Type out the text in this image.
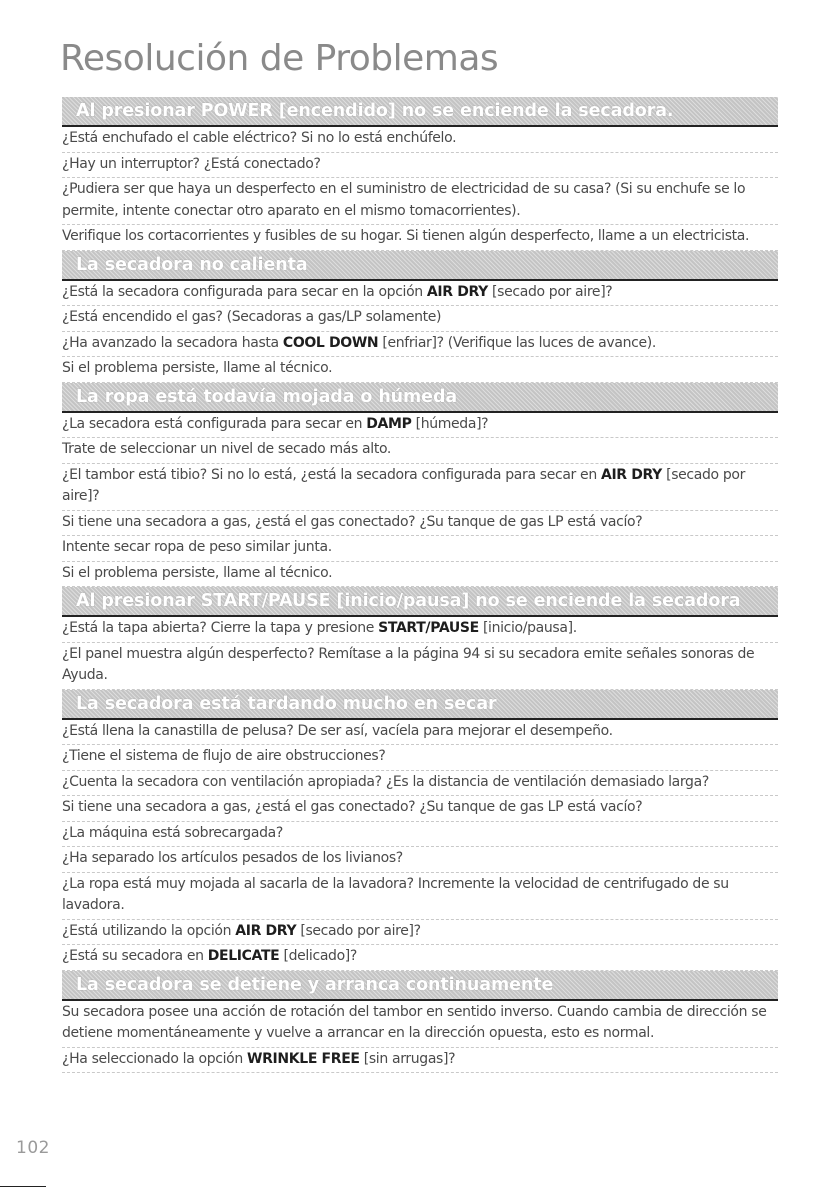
Resolución de Problemas
Al presionar POWER [encendido] no se enciende la secadora.
¿Está enchufado el cable eléctrico? Si no lo está enchúfelo.
¿Hay un interruptor? ¿Está conectado?
¿Pudiera ser que haya un desperfecto en el suministro de electricidad de su casa? (Si su enchufe se lo permite, intente conectar otro aparato en el mismo tomacorrientes).
Verifique los cortacorrientes y fusibles de su hogar. Si tienen algún desperfecto, llame a un electricista.
La secadora no calienta
¿Está la secadora configurada para secar en la opción AIR DRY [secado por aire]?
¿Está encendido el gas? (Secadoras a gas/LP solamente)
¿Ha avanzado la secadora hasta COOL DOWN [enfriar]? (Verifique las luces de avance).
Si el problema persiste, llame al técnico.
La ropa está todavía mojada o húmeda
¿La secadora está configurada para secar en DAMP [húmeda]?
Trate de seleccionar un nivel de secado más alto.
¿El tambor está tibio? Si no lo está, ¿está la secadora configurada para secar en AIR DRY [secado por aire]?
Si tiene una secadora a gas, ¿está el gas conectado? ¿Su tanque de gas LP está vacío?
Intente secar ropa de peso similar junta.
Si el problema persiste, llame al técnico.
Al presionar START/PAUSE [inicio/pausa] no se enciende la secadora
¿Está la tapa abierta? Cierre la tapa y presione START/PAUSE [inicio/pausa].
¿El panel muestra algún desperfecto? Remítase a la página 94 si su secadora emite señales sonoras de Ayuda.
La secadora está tardando mucho en secar
¿Está llena la canastilla de pelusa? De ser así, vacíela para mejorar el desempeño.
¿Tiene el sistema de flujo de aire obstrucciones?
¿Cuenta la secadora con ventilación apropiada? ¿Es la distancia de ventilación demasiado larga?
Si tiene una secadora a gas, ¿está el gas conectado? ¿Su tanque de gas LP está vacío?
¿La máquina está sobrecargada?
¿Ha separado los artículos pesados de los livianos?
¿La ropa está muy mojada al sacarla de la lavadora? Incremente la velocidad de centrifugado de su lavadora.
¿Está utilizando la opción AIR DRY [secado por aire]?
¿Está su secadora en DELICATE [delicado]?
La secadora se detiene y arranca continuamente
Su secadora posee una acción de rotación del tambor en sentido inverso. Cuando cambia de dirección se detiene momentáneamente y vuelve a arrancar en la dirección opuesta, esto es normal.
¿Ha seleccionado la opción WRINKLE FREE [sin arrugas]?
102
